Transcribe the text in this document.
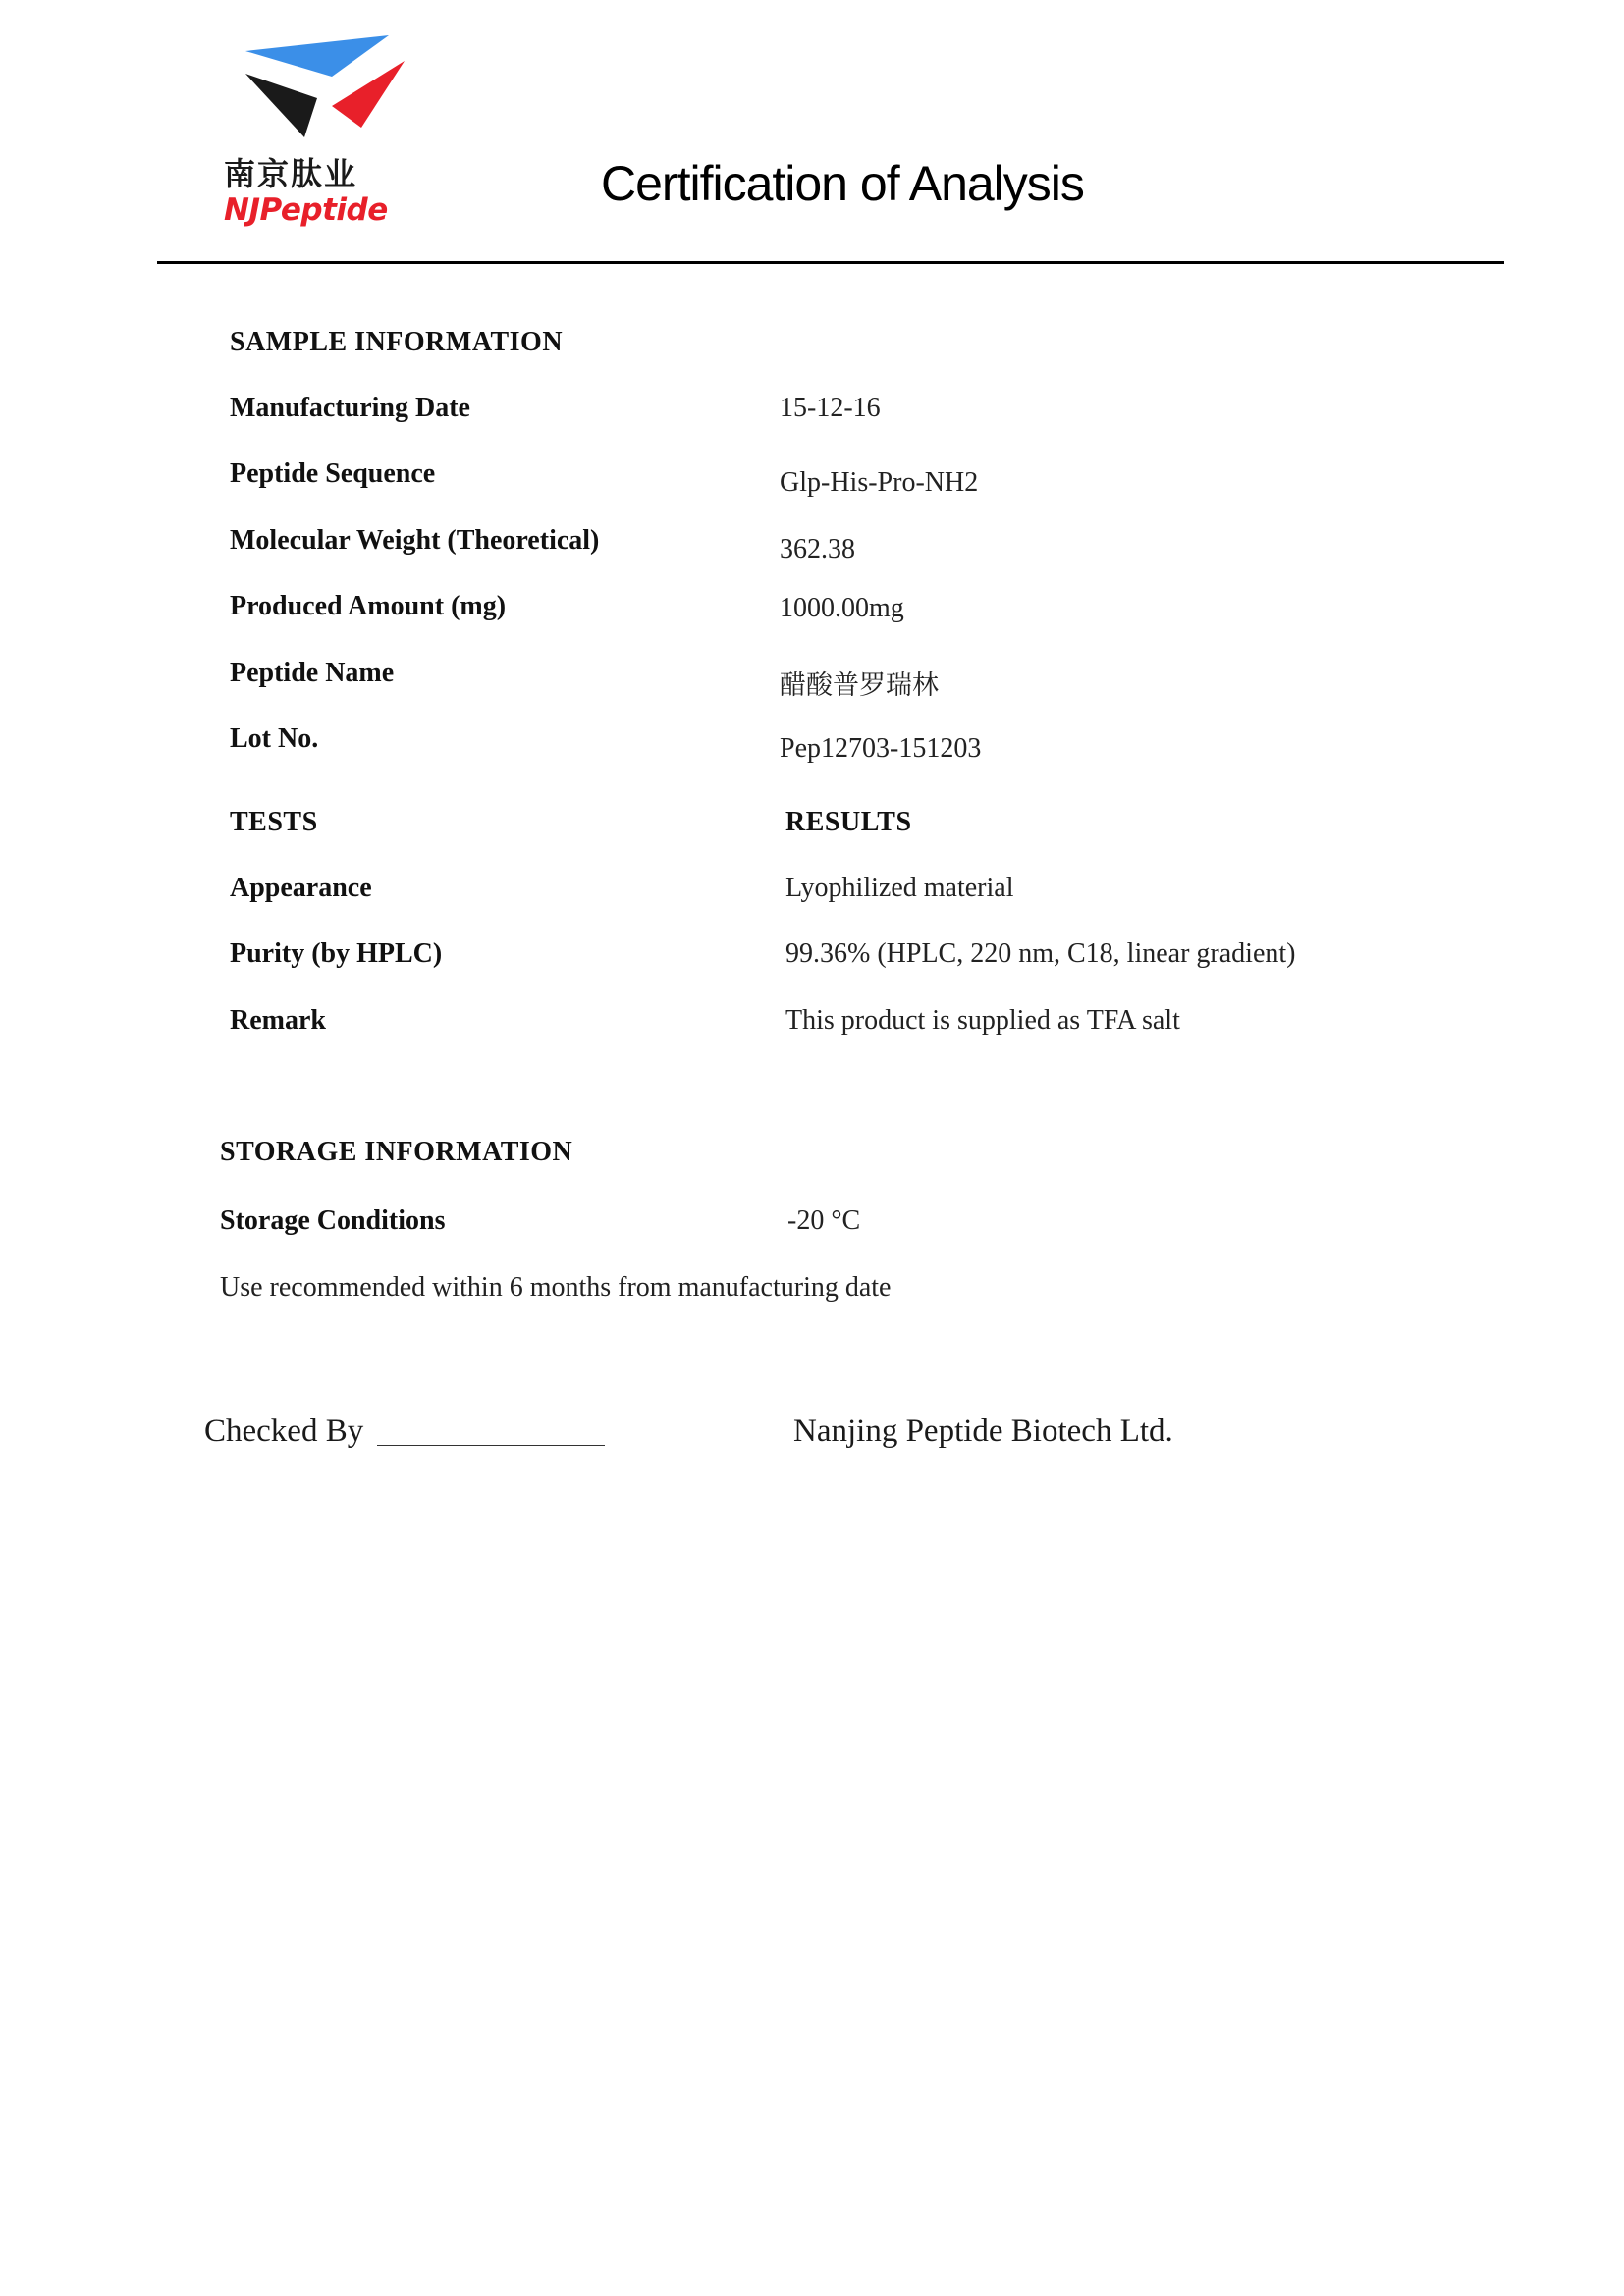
南京肽业
NJPeptide	Certification of Analysis
SAMPLE INFORMATION
Manufacturing Date	15-12-16
Peptide Sequence	Glp-His-Pro-NH2
Molecular Weight (Theoretical)	362.38
Produced Amount (mg)	1000.00mg
Peptide Name	醋酸普罗瑞林
Lot No.	Pep12703-151203
TESTS	RESULTS
Appearance	Lyophilized material
Purity (by HPLC)	99.36% (HPLC, 220 nm, C18, linear gradient)
Remark	This product is supplied as TFA salt
STORAGE INFORMATION
Storage Conditions	-20 °C
Use recommended within 6 months from manufacturing date
Checked By	Nanjing Peptide Biotech Ltd.
